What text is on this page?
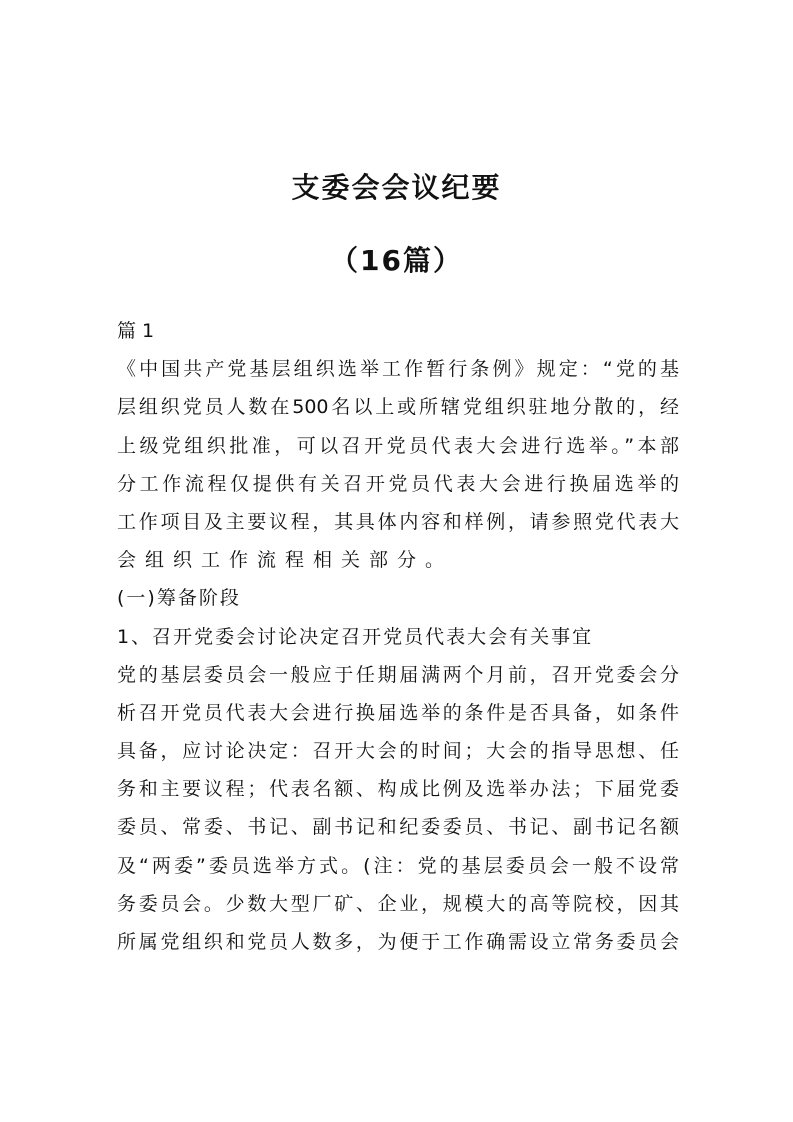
支委会会议纪要
（16篇）
篇 1
《中国共产党基层组织选举工作暂行条例》规定：“党的基
层组织党员人数在500名以上或所辖党组织驻地分散的，经
上级党组织批准，可以召开党员代表大会进行选举。”本部
分工作流程仅提供有关召开党员代表大会进行换届选举的
工作项目及主要议程，其具体内容和样例，请参照党代表大
会组织工作流程相关部分。
(一)筹备阶段
1、召开党委会讨论决定召开党员代表大会有关事宜
党的基层委员会一般应于任期届满两个月前，召开党委会分
析召开党员代表大会进行换届选举的条件是否具备，如条件
具备，应讨论决定：召开大会的时间；大会的指导思想、任
务和主要议程；代表名额、构成比例及选举办法；下届党委
委员、常委、书记、副书记和纪委委员、书记、副书记名额
及“两委”委员选举方式。(注：党的基层委员会一般不设常
务委员会。少数大型厂矿、企业，规模大的高等院校，因其
所属党组织和党员人数多，为便于工作确需设立常务委员会
